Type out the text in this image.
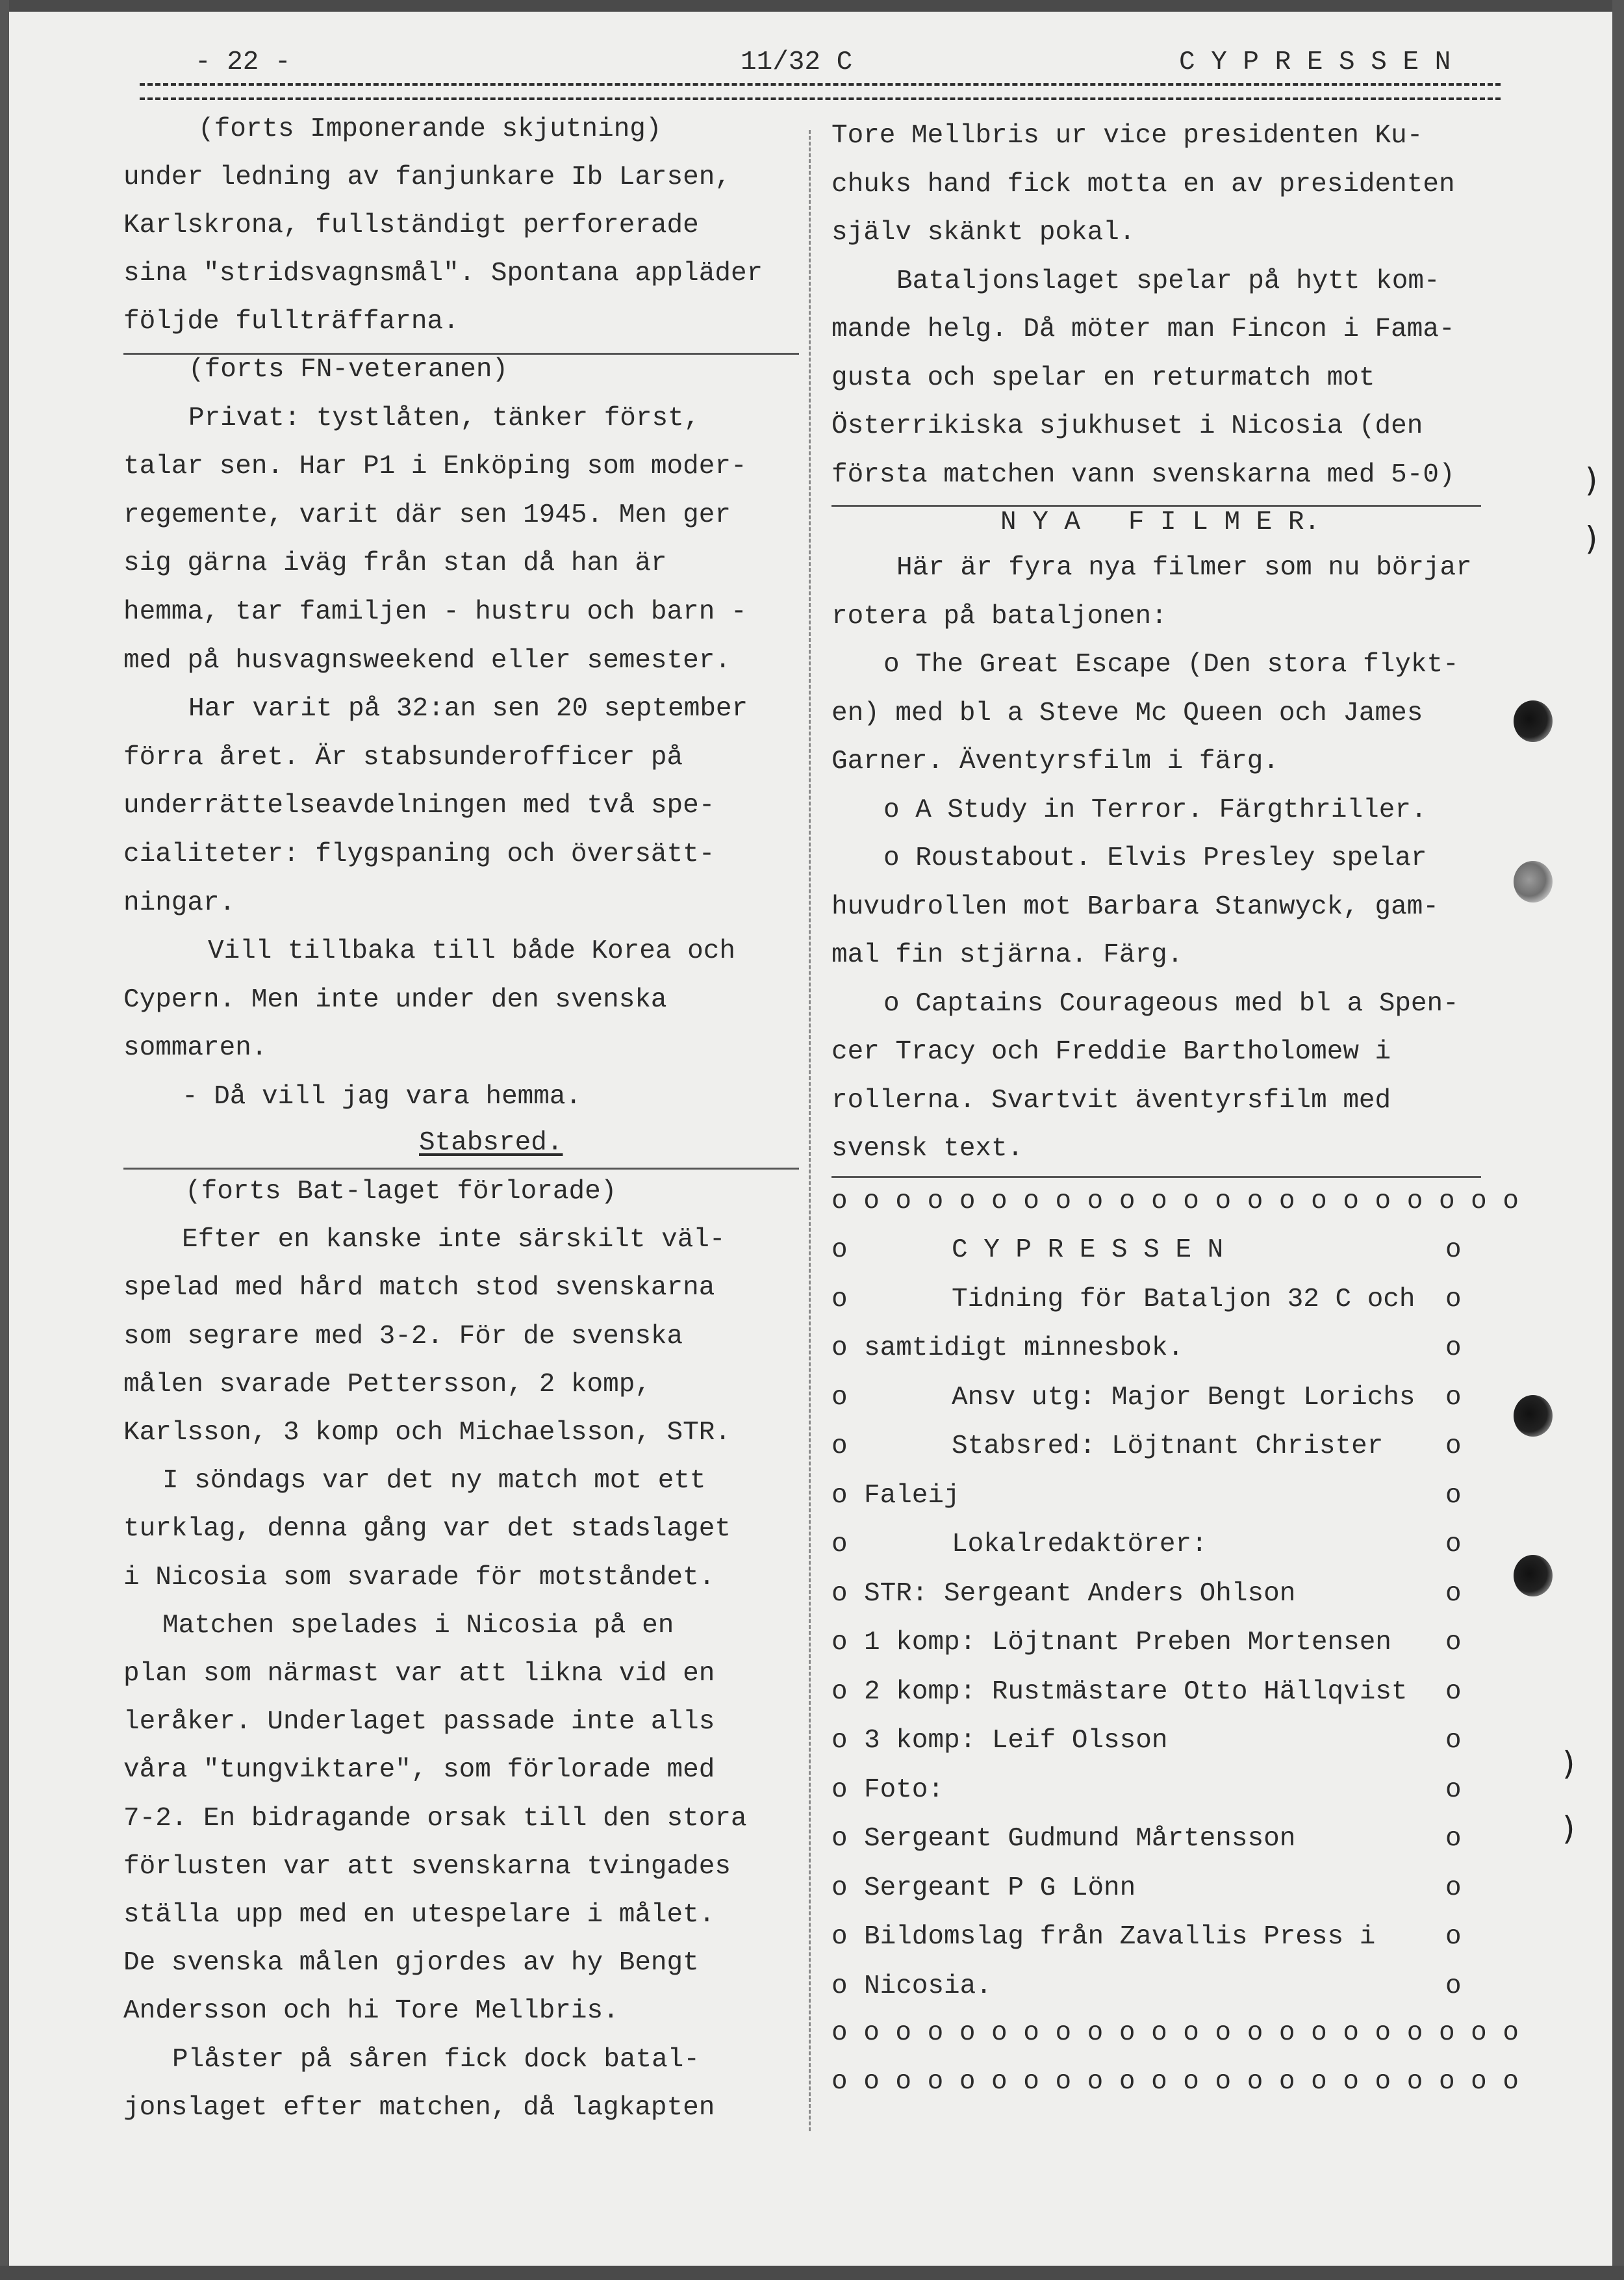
- 22 -	11/32 C	C Y P R E S S E N
(forts Imponerande skjutning)
under ledning av fanjunkare Ib Larsen,
Karlskrona, fullständigt perforerade
sina "stridsvagnsmål". Spontana appläder
följde fullträffarna.
(forts FN-veteranen)
Privat: tystlåten, tänker först,
talar sen. Har P1 i Enköping som moder-
regemente, varit där sen 1945. Men ger
sig gärna iväg från stan då han är
hemma, tar familjen - hustru och barn -
med på husvagnsweekend eller semester.
Har varit på 32:an sen 20 september
förra året. Är stabsunderofficer på
underrättelseavdelningen med två spe-
cialiteter: flygspaning och översätt-
ningar.
Vill tillbaka till både Korea och
Cypern. Men inte under den svenska
sommaren.
- Då vill jag vara hemma.
Stabsred.
(forts Bat-laget förlorade)
Efter en kanske inte särskilt väl-
spelad med hård match stod svenskarna
som segrare med 3-2. För de svenska
målen svarade Pettersson, 2 komp,
Karlsson, 3 komp och Michaelsson, STR.
I söndags var det ny match mot ett
turklag, denna gång var det stadslaget
i Nicosia som svarade för motståndet.
Matchen spelades i Nicosia på en
plan som närmast var att likna vid en
leråker. Underlaget passade inte alls
våra "tungviktare", som förlorade med
7-2. En bidragande orsak till den stora
förlusten var att svenskarna tvingades
ställa upp med en utespelare i målet.
De svenska målen gjordes av hy Bengt
Andersson och hi Tore Mellbris.
Plåster på såren fick dock batal-
jonslaget efter matchen, då lagkapten
Tore Mellbris ur vice presidenten Ku-
chuks hand fick motta en av presidenten
själv skänkt pokal.
Bataljonslaget spelar på hytt kom-
mande helg. Då möter man Fincon i Fama-
gusta och spelar en returmatch mot
Österrikiska sjukhuset i Nicosia (den
första matchen vann svenskarna med 5-0)
N Y A   F I L M E R.
Här är fyra nya filmer som nu börjar
rotera på bataljonen:
o The Great Escape (Den stora flykt-
en) med bl a Steve Mc Queen och James
Garner. Äventyrsfilm i färg.
o A Study in Terror. Färgthriller.
o Roustabout. Elvis Presley spelar
huvudrollen mot Barbara Stanwyck, gam-
mal fin stjärna. Färg.
o Captains Courageous med bl a Spen-
cer Tracy och Freddie Bartholomew i
rollerna. Svartvit äventyrsfilm med
svensk text.
o o o o o o o o o o o o o o o o o o o o o o
o	C Y P R E S S E N	o
o	Tidning för Bataljon 32 C och o
o samtidigt minnesbok.	o
o	Ansv utg: Major Bengt Lorichs o
o	Stabsred: Löjtnant Christer o
o Faleij	o
o	Lokalredaktörer:	o
o STR: Sergeant Anders Ohlson	o
o 1 komp: Löjtnant Preben Mortensen o
o 2 komp: Rustmästare Otto Hällqvist o
o 3 komp: Leif Olsson	o
o Foto:	o
o Sergeant Gudmund Mårtensson	o
o Sergeant P G Lönn	o
o Bildomslag från Zavallis Press i	o
o Nicosia.	o
o o o o o o o o o o o o o o o o o o o o o o
o o o o o o o o o o o o o o o o o o o o o o
)
)
)
)
